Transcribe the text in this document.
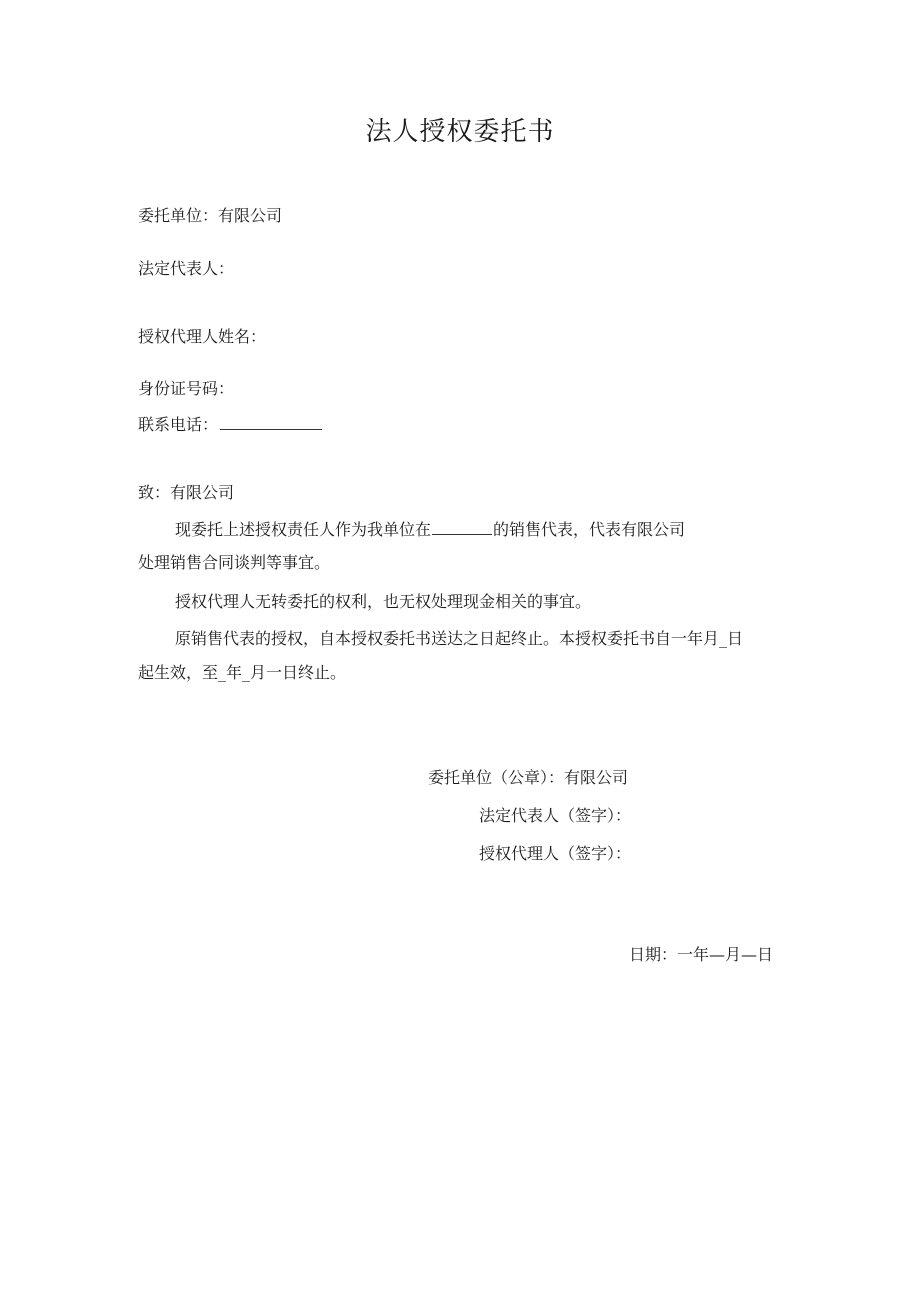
法人授权委托书
委托单位：有限公司
法定代表人：
授权代理人姓名：
身份证号码：
联系电话：
致：有限公司
现委托上述授权责任人作为我单位在	的销售代表，代表有限公司
处理销售合同谈判等事宜。
授权代理人无转委托的权利，也无权处理现金相关的事宜。
原销售代表的授权，自本授权委托书送达之日起终止。本授权委托书自一年月_日
起生效，至_年_月一日终止。
委托单位（公章）：有限公司
法定代表人（签字）：
授权代理人（签字）：
日期：一年—月—日
